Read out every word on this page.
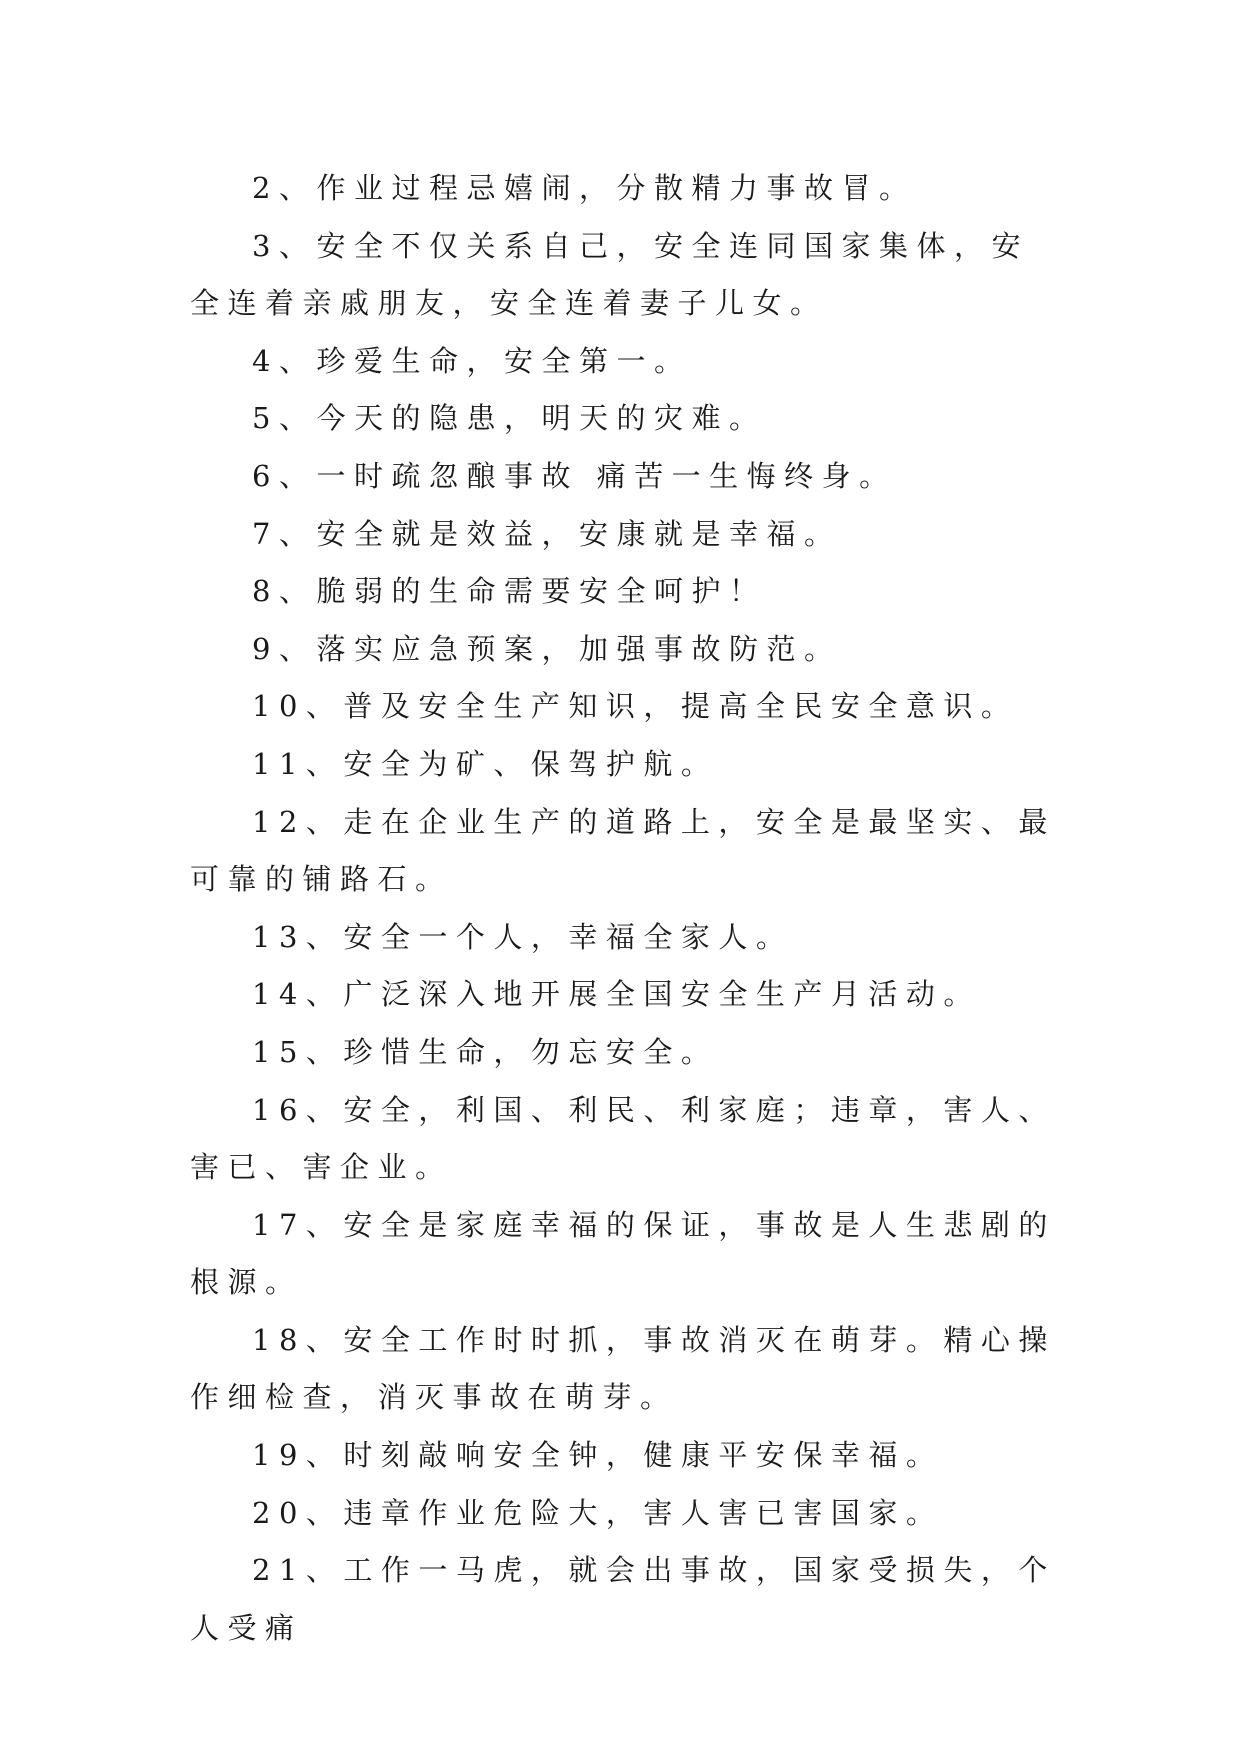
2、作业过程忌嬉闹，分散精力事故冒。

3、安全不仅关系自己，安全连同国家集体，安全连着亲戚朋友，安全连着妻子儿女。

4、珍爱生命，安全第一。

5、今天的隐患，明天的灾难。

6、一时疏忽酿事故 痛苦一生悔终身。

7、安全就是效益，安康就是幸福。

8、脆弱的生命需要安全呵护！

9、落实应急预案，加强事故防范。

10、普及安全生产知识，提高全民安全意识。

11、安全为矿、保驾护航。

12、走在企业生产的道路上，安全是最坚实、最可靠的铺路石。

13、安全一个人，幸福全家人。

14、广泛深入地开展全国安全生产月活动。

15、珍惜生命，勿忘安全。

16、安全，利国、利民、利家庭；违章，害人、害已、害企业。

17、安全是家庭幸福的保证，事故是人生悲剧的根源。

18、安全工作时时抓，事故消灭在萌芽。精心操作细检查，消灭事故在萌芽。

19、时刻敲响安全钟，健康平安保幸福。

20、违章作业危险大，害人害已害国家。

21、工作一马虎，就会出事故，国家受损失，个人受痛
